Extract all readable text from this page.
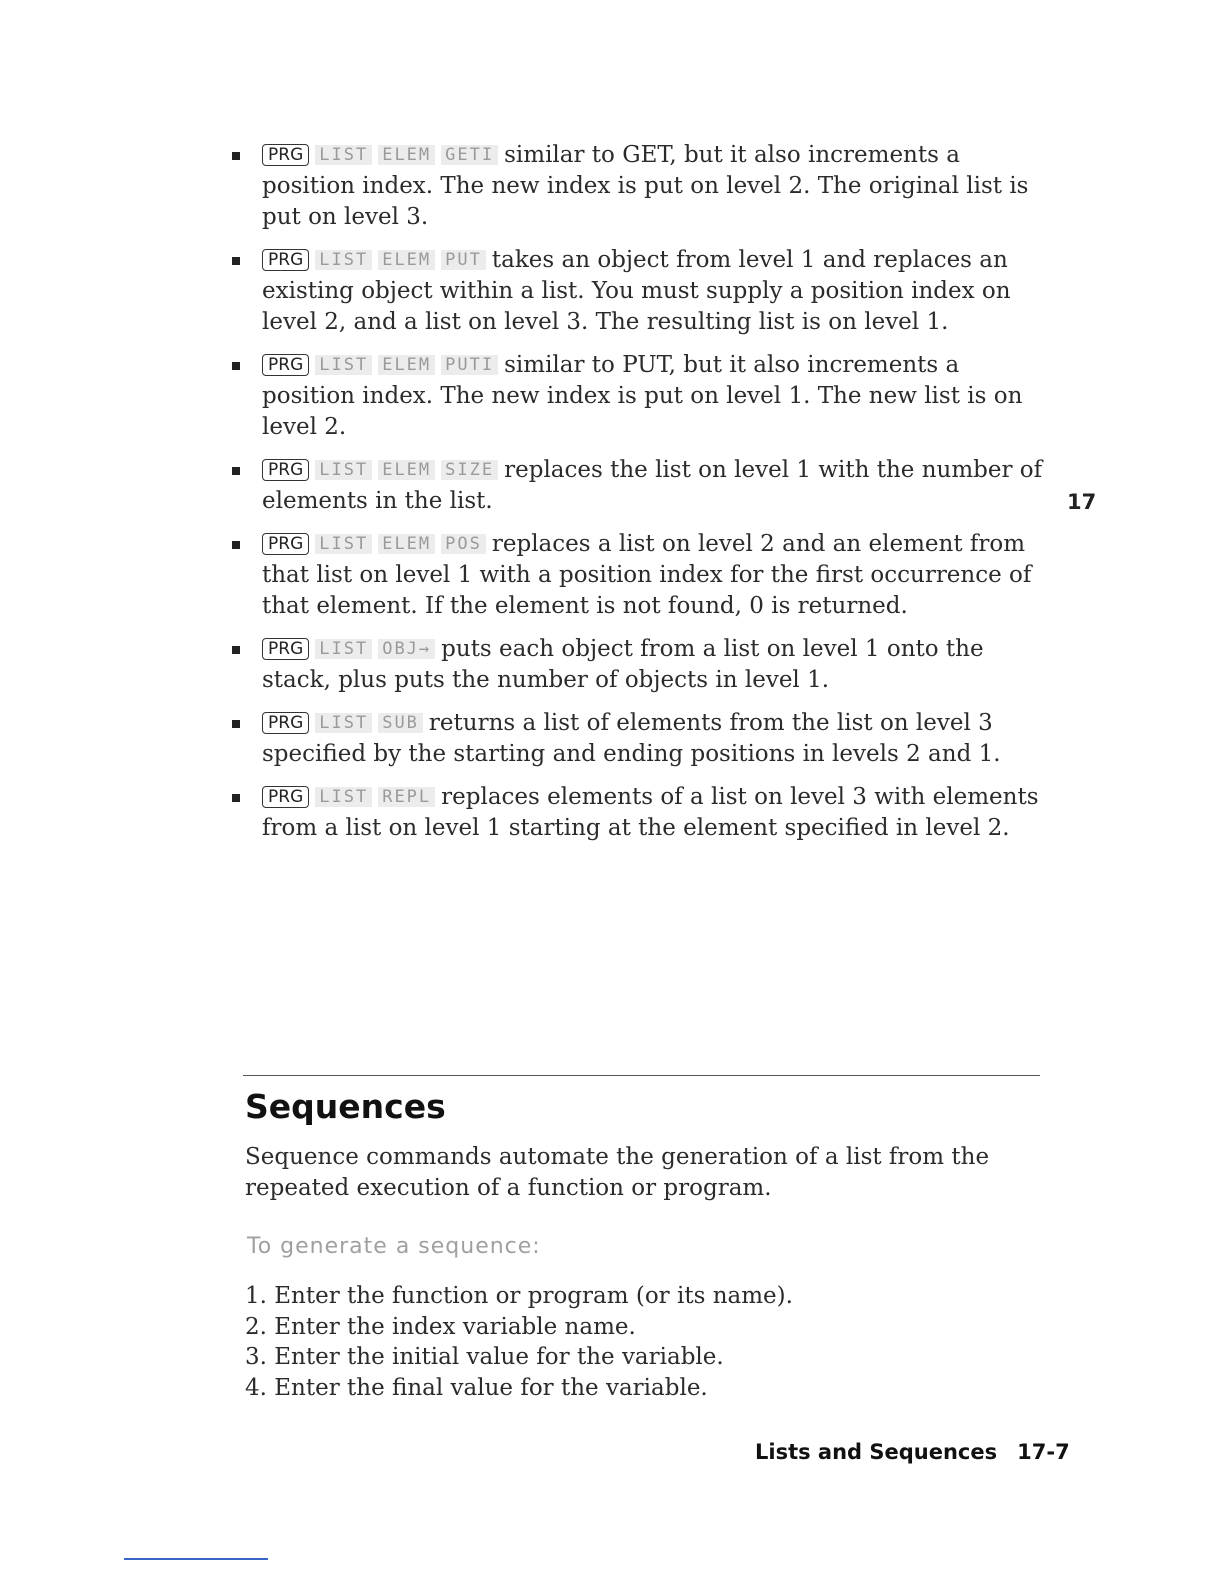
PRG LIST ELEM GETI similar to GET, but it also increments a position index. The new index is put on level 2. The original list is put on level 3.
PRG LIST ELEM PUT takes an object from level 1 and replaces an existing object within a list. You must supply a position index on level 2, and a list on level 3. The resulting list is on level 1.
PRG LIST ELEM PUTI similar to PUT, but it also increments a position index. The new index is put on level 1. The new list is on level 2.
PRG LIST ELEM SIZE replaces the list on level 1 with the number of elements in the list.
PRG LIST ELEM POS replaces a list on level 2 and an element from that list on level 1 with a position index for the first occurrence of that element. If the element is not found, 0 is returned.
PRG LIST OBJ→ puts each object from a list on level 1 onto the stack, plus puts the number of objects in level 1.
PRG LIST SUB returns a list of elements from the list on level 3 specified by the starting and ending positions in levels 2 and 1.
PRG LIST REPL replaces elements of a list on level 3 with elements from a list on level 1 starting at the element specified in level 2.
17
Sequences

Sequence commands automate the generation of a list from the repeated execution of a function or program.

To generate a sequence:
1. Enter the function or program (or its name).
2. Enter the index variable name.
3. Enter the initial value for the variable.
4. Enter the final value for the variable.
Lists and Sequences 17-7
